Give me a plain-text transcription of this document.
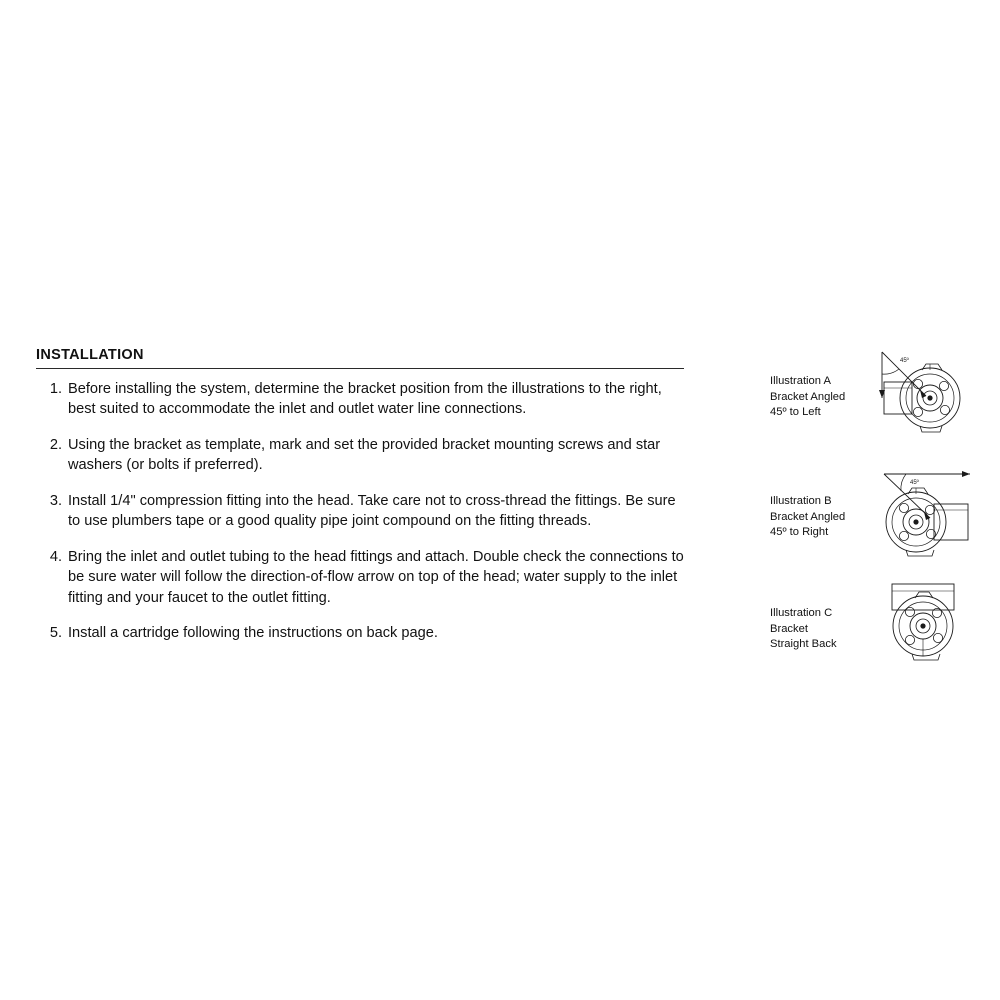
INSTALLATION
1. Before installing the system, determine the bracket position from the illustrations to the right, best suited to accommodate the inlet and outlet water line connections.
2. Using the bracket as template, mark and set the provided bracket mounting screws and star washers (or bolts if preferred).
3. Install 1/4" compression fitting into the head. Take care not to cross-thread the fittings. Be sure to use plumbers tape or a good quality pipe joint compound on the fitting threads.
4. Bring the inlet and outlet tubing to the head fittings and attach. Double check the connections to be sure water will follow the direction-of-flow arrow on top of the head; water supply to the inlet fitting and your faucet to the outlet fitting.
5. Install a cartridge following the instructions on back page.
Illustration A
Bracket Angled
45º to Left
45º
Illustration B
Bracket Angled
45º to Right
45º
Illustration C
Bracket
Straight Back
